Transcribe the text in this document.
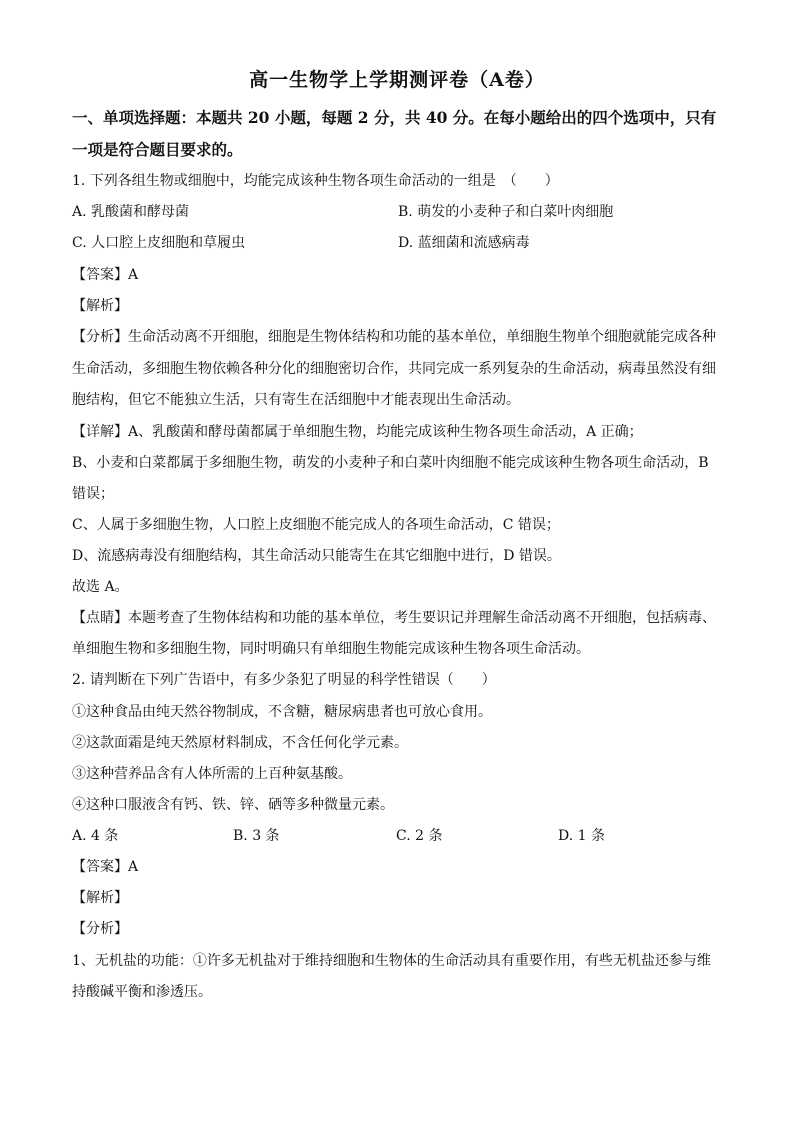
高一生物学上学期测评卷（A卷）
一、单项选择题：本题共 20 小题，每题 2 分，共 40 分。在每小题给出的四个选项中，只有
一项是符合题目要求的。
1. 下列各组生物或细胞中，均能完成该种生物各项生命活动的一组是　（　　）
A. 乳酸菌和酵母菌	B. 萌发的小麦种子和白菜叶肉细胞
C. 人口腔上皮细胞和草履虫	D. 蓝细菌和流感病毒
【答案】A
【解析】
【分析】生命活动离不开细胞，细胞是生物体结构和功能的基本单位，单细胞生物单个细胞就能完成各种
生命活动，多细胞生物依赖各种分化的细胞密切合作，共同完成一系列复杂的生命活动，病毒虽然没有细
胞结构，但它不能独立生活，只有寄生在活细胞中才能表现出生命活动。
【详解】A、乳酸菌和酵母菌都属于单细胞生物，均能完成该种生物各项生命活动，A 正确；
B、小麦和白菜都属于多细胞生物，萌发的小麦种子和白菜叶肉细胞不能完成该种生物各项生命活动，B
错误；
C、人属于多细胞生物，人口腔上皮细胞不能完成人的各项生命活动，C 错误；
D、流感病毒没有细胞结构，其生命活动只能寄生在其它细胞中进行，D 错误。
故选 A。
【点睛】本题考查了生物体结构和功能的基本单位，考生要识记并理解生命活动离不开细胞，包括病毒、
单细胞生物和多细胞生物，同时明确只有单细胞生物能完成该种生物各项生命活动。
2. 请判断在下列广告语中，有多少条犯了明显的科学性错误（　　）
①这种食品由纯天然谷物制成，不含糖，糖尿病患者也可放心食用。
②这款面霜是纯天然原材料制成，不含任何化学元素。
③这种营养品含有人体所需的上百种氨基酸。
④这种口服液含有钙、铁、锌、硒等多种微量元素。
A. 4 条	B. 3 条	C. 2 条	D. 1 条
【答案】A
【解析】
【分析】
1、无机盐的功能：①许多无机盐对于维持细胞和生物体的生命活动具有重要作用，有些无机盐还参与维
持酸碱平衡和渗透压。
